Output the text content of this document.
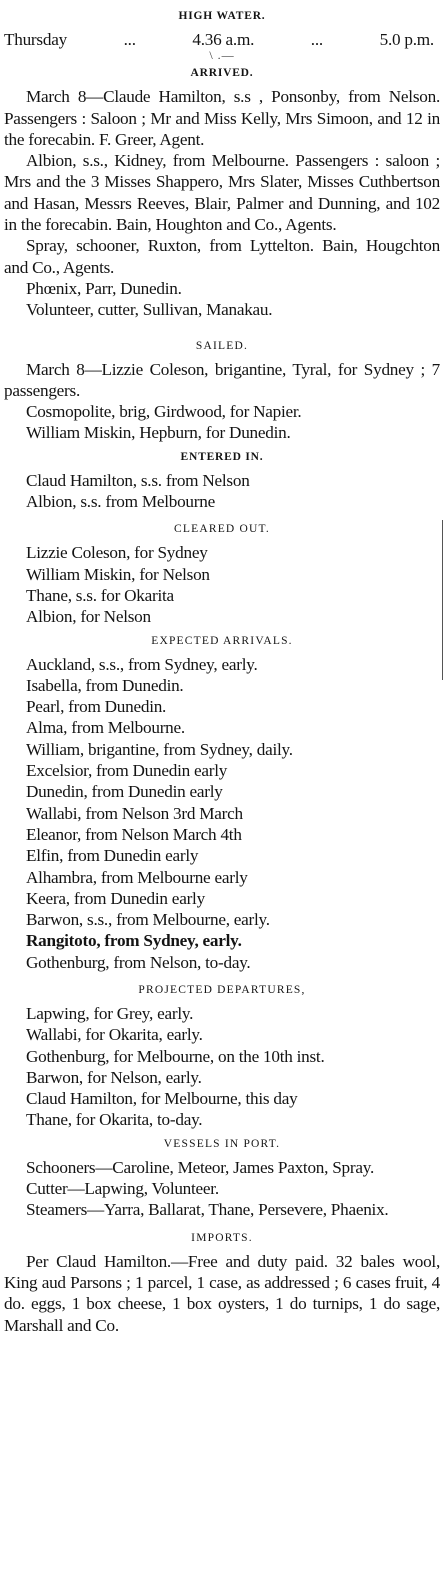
HIGH WATER.
Thursday	...	4.36 a.m.	...	5.0 p.m.
\ .—
ARRIVED.

March 8—Claude Hamilton, s.s , Ponsonby, from Nelson. Passengers : Saloon ; Mr and Miss Kelly, Mrs Simoon, and 12 in the forecabin. F. Greer, Agent.

Albion, s.s., Kidney, from Melbourne. Passengers : saloon ; Mrs and the 3 Misses Shappero, Mrs Slater, Misses Cuthbertson and Hasan, Messrs Reeves, Blair, Palmer and Dunning, and 102 in the forecabin. Bain, Houghton and Co., Agents.

Spray, schooner, Ruxton, from Lyttelton. Bain, Hougchton and Co., Agents.

Phœnix, Parr, Dunedin.

Volunteer, cutter, Sullivan, Manakau.

SAILED.

March 8—Lizzie Coleson, brigantine, Tyral, for Sydney ; 7 passengers.

Cosmopolite, brig, Girdwood, for Napier.

William Miskin, Hepburn, for Dunedin.

ENTERED IN.

Claud Hamilton, s.s. from Nelson

Albion, s.s. from Melbourne

CLEARED OUT.

Lizzie Coleson, for Sydney

William Miskin, for Nelson

Thane, s.s. for Okarita

Albion, for Nelson

EXPECTED ARRIVALS.

Auckland, s.s., from Sydney, early.

Isabella, from Dunedin.

Pearl, from Dunedin.

Alma, from Melbourne.

William, brigantine, from Sydney, daily.

Excelsior, from Dunedin early

Dunedin, from Dunedin early

Wallabi, from Nelson 3rd March

Eleanor, from Nelson March 4th

Elfin, from Dunedin early

Alhambra, from Melbourne early

Keera, from Dunedin early

Barwon, s.s., from Melbourne, early.

Rangitoto, from Sydney, early.

Gothenburg, from Nelson, to-day.

PROJECTED DEPARTURES,

Lapwing, for Grey, early.

Wallabi, for Okarita, early.

Gothenburg, for Melbourne, on the 10th inst.

Barwon, for Nelson, early.

Claud Hamilton, for Melbourne, this day

Thane, for Okarita, to-day.

VESSELS IN PORT.

Schooners—Caroline, Meteor, James Paxton, Spray.

Cutter—Lapwing, Volunteer.

Steamers—Yarra, Ballarat, Thane, Persevere, Phaenix.

IMPORTS.

Per Claud Hamilton.—Free and duty paid. 32 bales wool, King aud Parsons ; 1 parcel, 1 case, as addressed ; 6 cases fruit, 4 do. eggs, 1 box cheese, 1 box oysters, 1 do turnips, 1 do sage, Marshall and Co.
